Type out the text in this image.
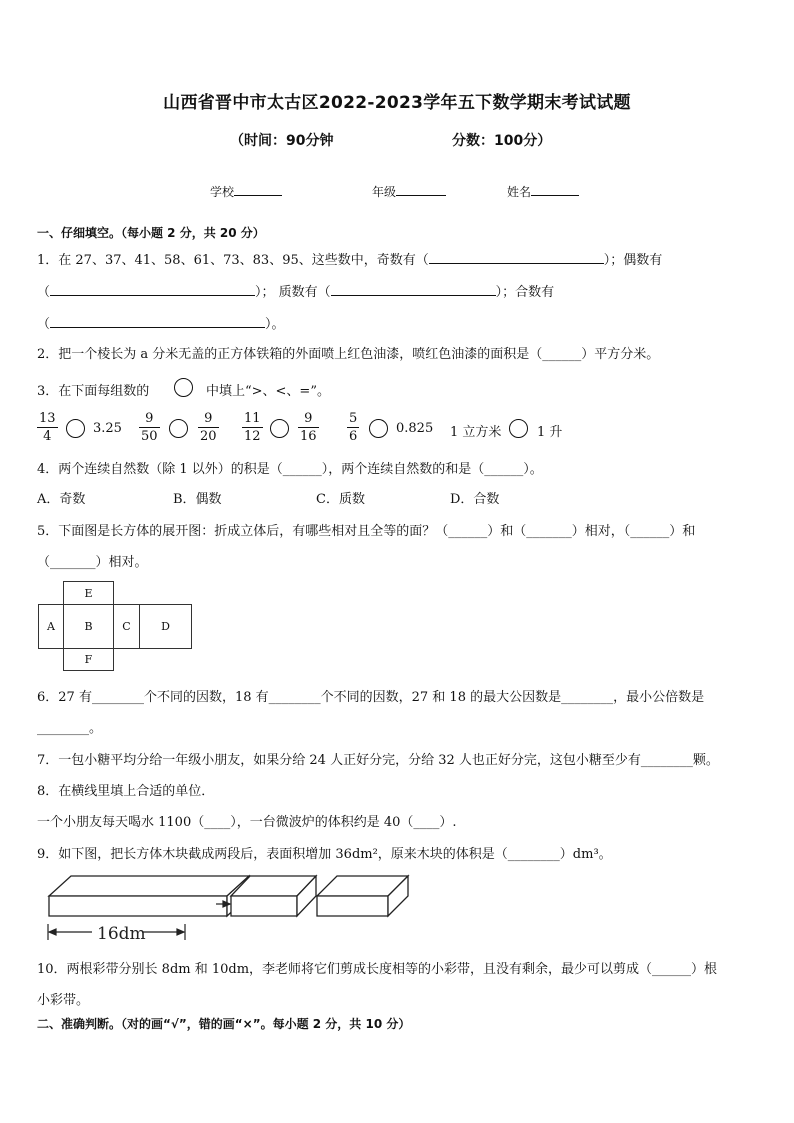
山西省晋中市太古区2022-2023学年五下数学期末考试试题
（时间：90分钟	分数：100分）
学校	年级	姓名
一、仔细填空。（每小题 2 分，共 20 分）
1．在 27、37、41、58、61、73、83、95、这些数中，奇数有（	）；偶数有
（	）； 质数有（	）；合数有
（	）。
2．把一个棱长为 a 分米无盖的正方体铁箱的外面喷上红色油漆，喷红色油漆的面积是（______）平方分米。
3．在下面每组数的	中填上“>、<、=”。
$\frac{13}{4}$	$3.25 \frac{9}{50}$	$\frac{9}{20} \frac{11}{12}$	$\frac{9}{16} \frac{5}{6}$	0.825 1 立方米	1 升
4．两个连续自然数（除 1 以外）的积是（______），两个连续自然数的和是（______）。
A．奇数	B．偶数	C．质数	D．合数
5．下面图是长方体的展开图：折成立体后，有哪些相对且全等的面？（______）和（_______）相对，（______）和
（_______）相对。
E
A	B	C	D
F
6．27 有________个不同的因数，18 有________个不同的因数，27 和 18 的最大公因数是________，最小公倍数是
________。
7．一包小糖平均分给一年级小朋友，如果分给 24 人正好分完，分给 32 人也正好分完，这包小糖至少有________颗。
8．在横线里填上合适的单位．
一个小朋友每天喝水 1100（____），一台微波炉的体积约是 40（____）.
9．如下图，把长方体木块截成两段后，表面积增加 36dm²，原来木块的体积是（________）dm³。
16dm
10．两根彩带分别长 8dm 和 10dm，李老师将它们剪成长度相等的小彩带，且没有剩余，最少可以剪成（______）根
小彩带。
二、准确判断。（对的画“√”，错的画“×”。每小题 2 分，共 10 分）
